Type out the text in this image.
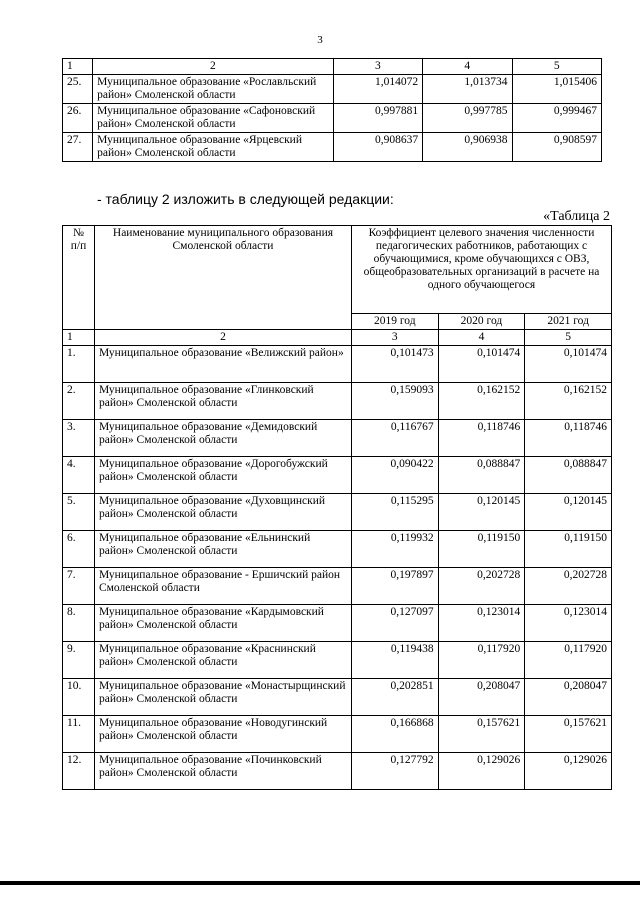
3
1	2	3	4	5
25.	Муниципальное образование «Рославльский район» Смоленской области	1,014072	1,013734	1,015406
26.	Муниципальное образование «Сафоновский район» Смоленской области	0,997881	0,997785	0,999467
27.	Муниципальное образование «Ярцевский район» Смоленской области	0,908637	0,906938	0,908597
- таблицу 2 изложить в следующей редакции:
«Таблица 2
№ п/п	Наименование муниципального образования Смоленской области	Коэффициент целевого значения численности педагогических работников, работающих с обучающимися, кроме обучающихся с ОВЗ, общеобразовательных организаций в расчете на одного обучающегося		
		2019 год	2020 год	2021 год
1	2	3	4	5
1.	Муниципальное образование «Велижский район»	0,101473	0,101474	0,101474
2.	Муниципальное образование «Глинковский район» Смоленской области	0,159093	0,162152	0,162152
3.	Муниципальное образование «Демидовский район» Смоленской области	0,116767	0,118746	0,118746
4.	Муниципальное образование «Дорогобужский район» Смоленской области	0,090422	0,088847	0,088847
5.	Муниципальное образование «Духовщинский район» Смоленской области	0,115295	0,120145	0,120145
6.	Муниципальное образование «Ельнинский район» Смоленской области	0,119932	0,119150	0,119150
7.	Муниципальное образование - Ершичский район Смоленской области	0,197897	0,202728	0,202728
8.	Муниципальное образование «Кардымовский район» Смоленской области	0,127097	0,123014	0,123014
9.	Муниципальное образование «Краснинский район» Смоленской области	0,119438	0,117920	0,117920
10.	Муниципальное образование «Монастырщинский район» Смоленской области	0,202851	0,208047	0,208047
11.	Муниципальное образование «Новодугинский район» Смоленской области	0,166868	0,157621	0,157621
12.	Муниципальное образование «Починковский район» Смоленской области	0,127792	0,129026	0,129026
